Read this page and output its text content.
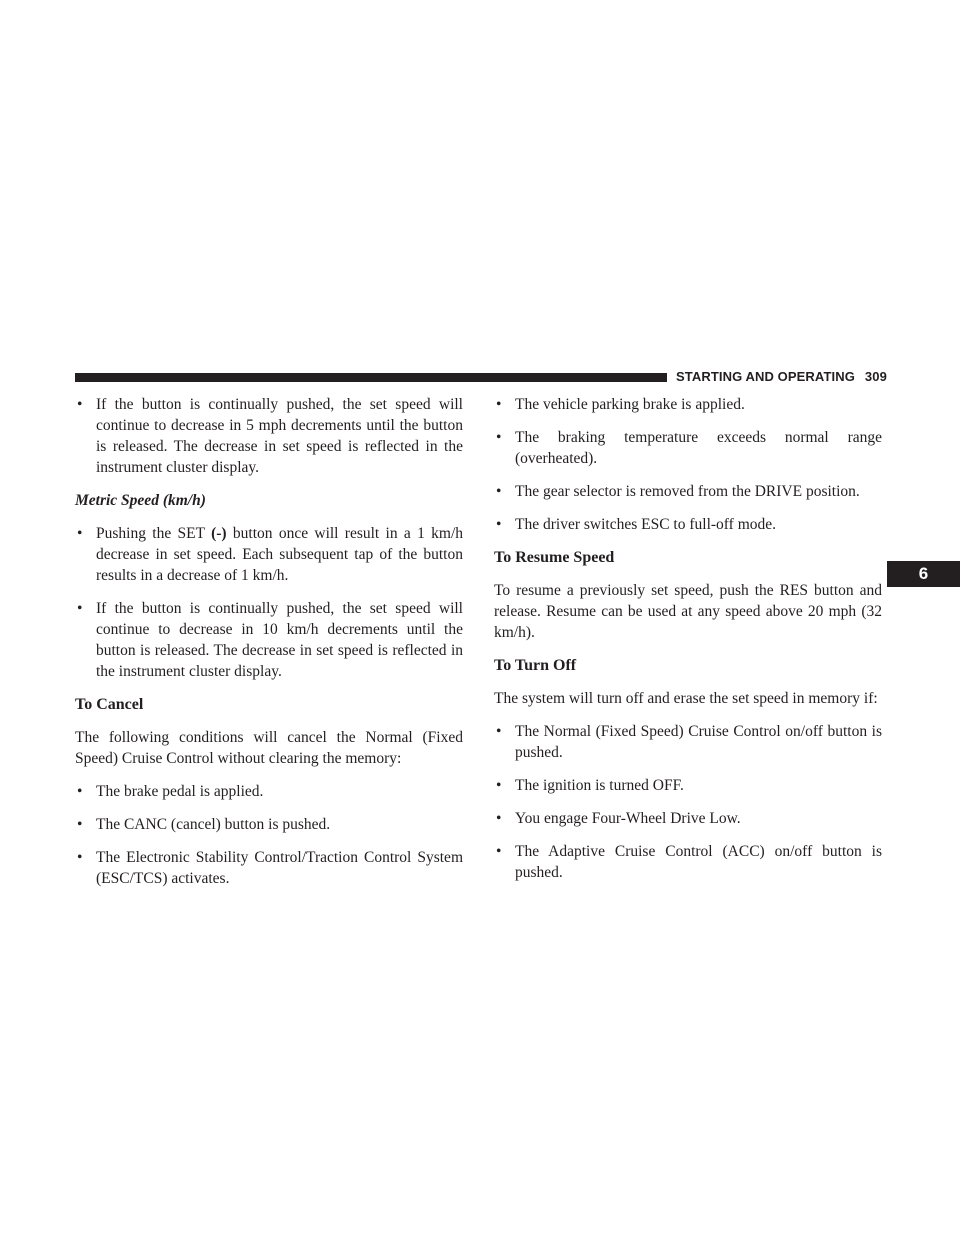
STARTING AND OPERATING 309
6
• If the button is continually pushed, the set speed will continue to decrease in 5 mph decrements until the button is released. The decrease in set speed is reflected in the instrument cluster display.
Metric Speed (km/h)
• Pushing the SET (-) button once will result in a 1 km/h decrease in set speed. Each subsequent tap of the button results in a decrease of 1 km/h.
• If the button is continually pushed, the set speed will continue to decrease in 10 km/h decrements until the button is released. The decrease in set speed is reflected in the instrument cluster display.
To Cancel
The following conditions will cancel the Normal (Fixed Speed) Cruise Control without clearing the memory:
• The brake pedal is applied.
• The CANC (cancel) button is pushed.
• The Electronic Stability Control/Traction Control System (ESC/TCS) activates.
• The vehicle parking brake is applied.
• The braking temperature exceeds normal range (overheated).
• The gear selector is removed from the DRIVE position.
• The driver switches ESC to full-off mode.
To Resume Speed
To resume a previously set speed, push the RES button and release. Resume can be used at any speed above 20 mph (32 km/h).
To Turn Off
The system will turn off and erase the set speed in memory if:
• The Normal (Fixed Speed) Cruise Control on/off button is pushed.
• The ignition is turned OFF.
• You engage Four-Wheel Drive Low.
• The Adaptive Cruise Control (ACC) on/off button is pushed.
